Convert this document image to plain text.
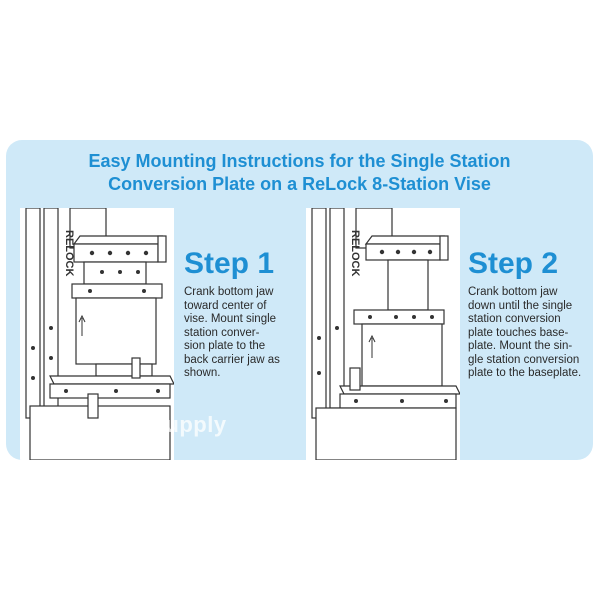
Easy Mounting Instructions for the Single Station
Conversion Plate on a ReLock 8-Station Vise
RELOCK	Step 1
Crank bottom jaw
toward center of
vise. Mount single
station conver-
sion plate to the
back carrier jaw as
shown.
RELOCK	Step 2
Crank bottom jaw
down until the single
station conversion
plate touches base-
plate. Mount the sin-
gle station conversion
plate to the baseplate.
nssupply
